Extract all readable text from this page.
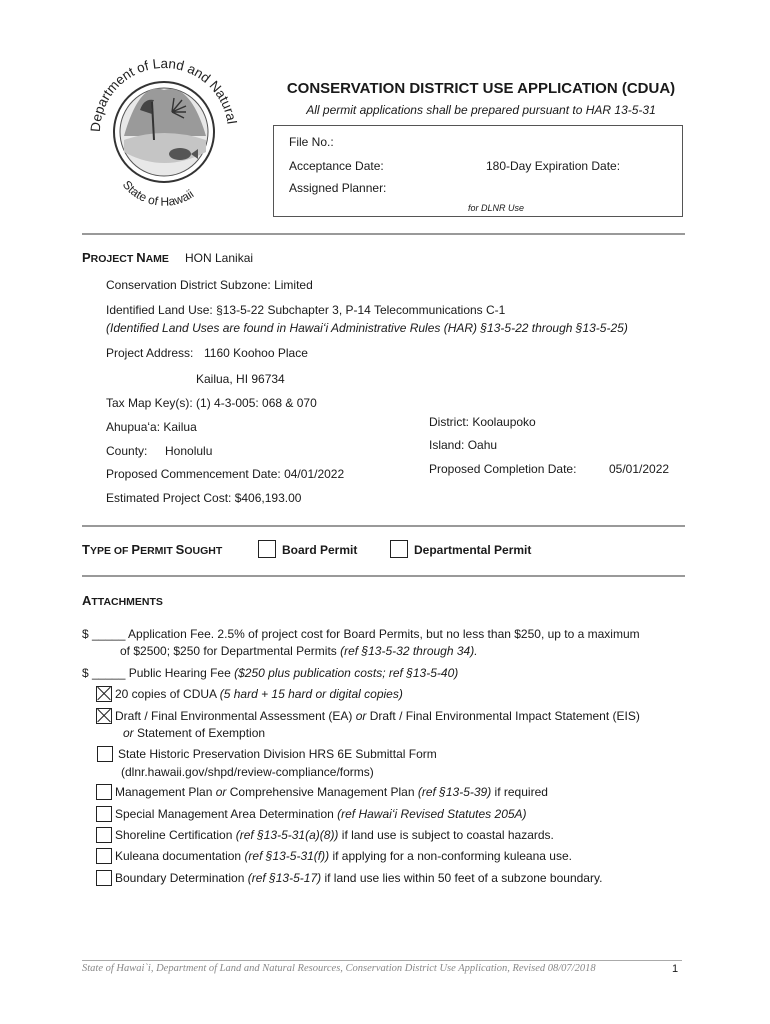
Department of Land and Natural
State of Hawaii
CONSERVATION DISTRICT USE APPLICATION (CDUA)
All permit applications shall be prepared pursuant to HAR 13-5-31
File No.:
Acceptance Date:	180-Day Expiration Date:
Assigned Planner:
for DLNR Use
PROJECT NAME HON Lanikai
Conservation District Subzone: Limited
Identified Land Use: §13-5-22 Subchapter 3, P-14 Telecommunications C-1
(Identified Land Uses are found in Hawaiʻi Administrative Rules (HAR) §13-5-22 through §13-5-25)
Project Address: 1160 Koohoo Place
Kailua, HI 96734
Tax Map Key(s): (1) 4-3-005: 068 & 070
Ahupuaʻa: Kailua
County: Honolulu
Proposed Commencement Date: 04/01/2022
Estimated Project Cost: $406,193.00
District: Koolaupoko
Island: Oahu
Proposed Completion Date:	05/01/2022
TYPE OF PERMIT SOUGHT	Board Permit	Departmental Permit
ATTACHMENTS
$ _____ Application Fee. 2.5% of project cost for Board Permits, but no less than $250, up to a maximum
of $2500; $250 for Departmental Permits (ref §13-5-32 through 34).
$ _____ Public Hearing Fee ($250 plus publication costs; ref §13-5-40)
20 copies of CDUA (5 hard + 15 hard or digital copies)
Draft / Final Environmental Assessment (EA) or Draft / Final Environmental Impact Statement (EIS)
or Statement of Exemption
State Historic Preservation Division HRS 6E Submittal Form
(dlnr.hawaii.gov/shpd/review-compliance/forms)
Management Plan or Comprehensive Management Plan (ref §13-5-39) if required
Special Management Area Determination (ref Hawaiʻi Revised Statutes 205A)
Shoreline Certification (ref §13-5-31(a)(8)) if land use is subject to coastal hazards.
Kuleana documentation (ref §13-5-31(f)) if applying for a non-conforming kuleana use.
Boundary Determination (ref §13-5-17) if land use lies within 50 feet of a subzone boundary.
State of Hawai`i, Department of Land and Natural Resources, Conservation District Use Application, Revised 08/07/2018	1
